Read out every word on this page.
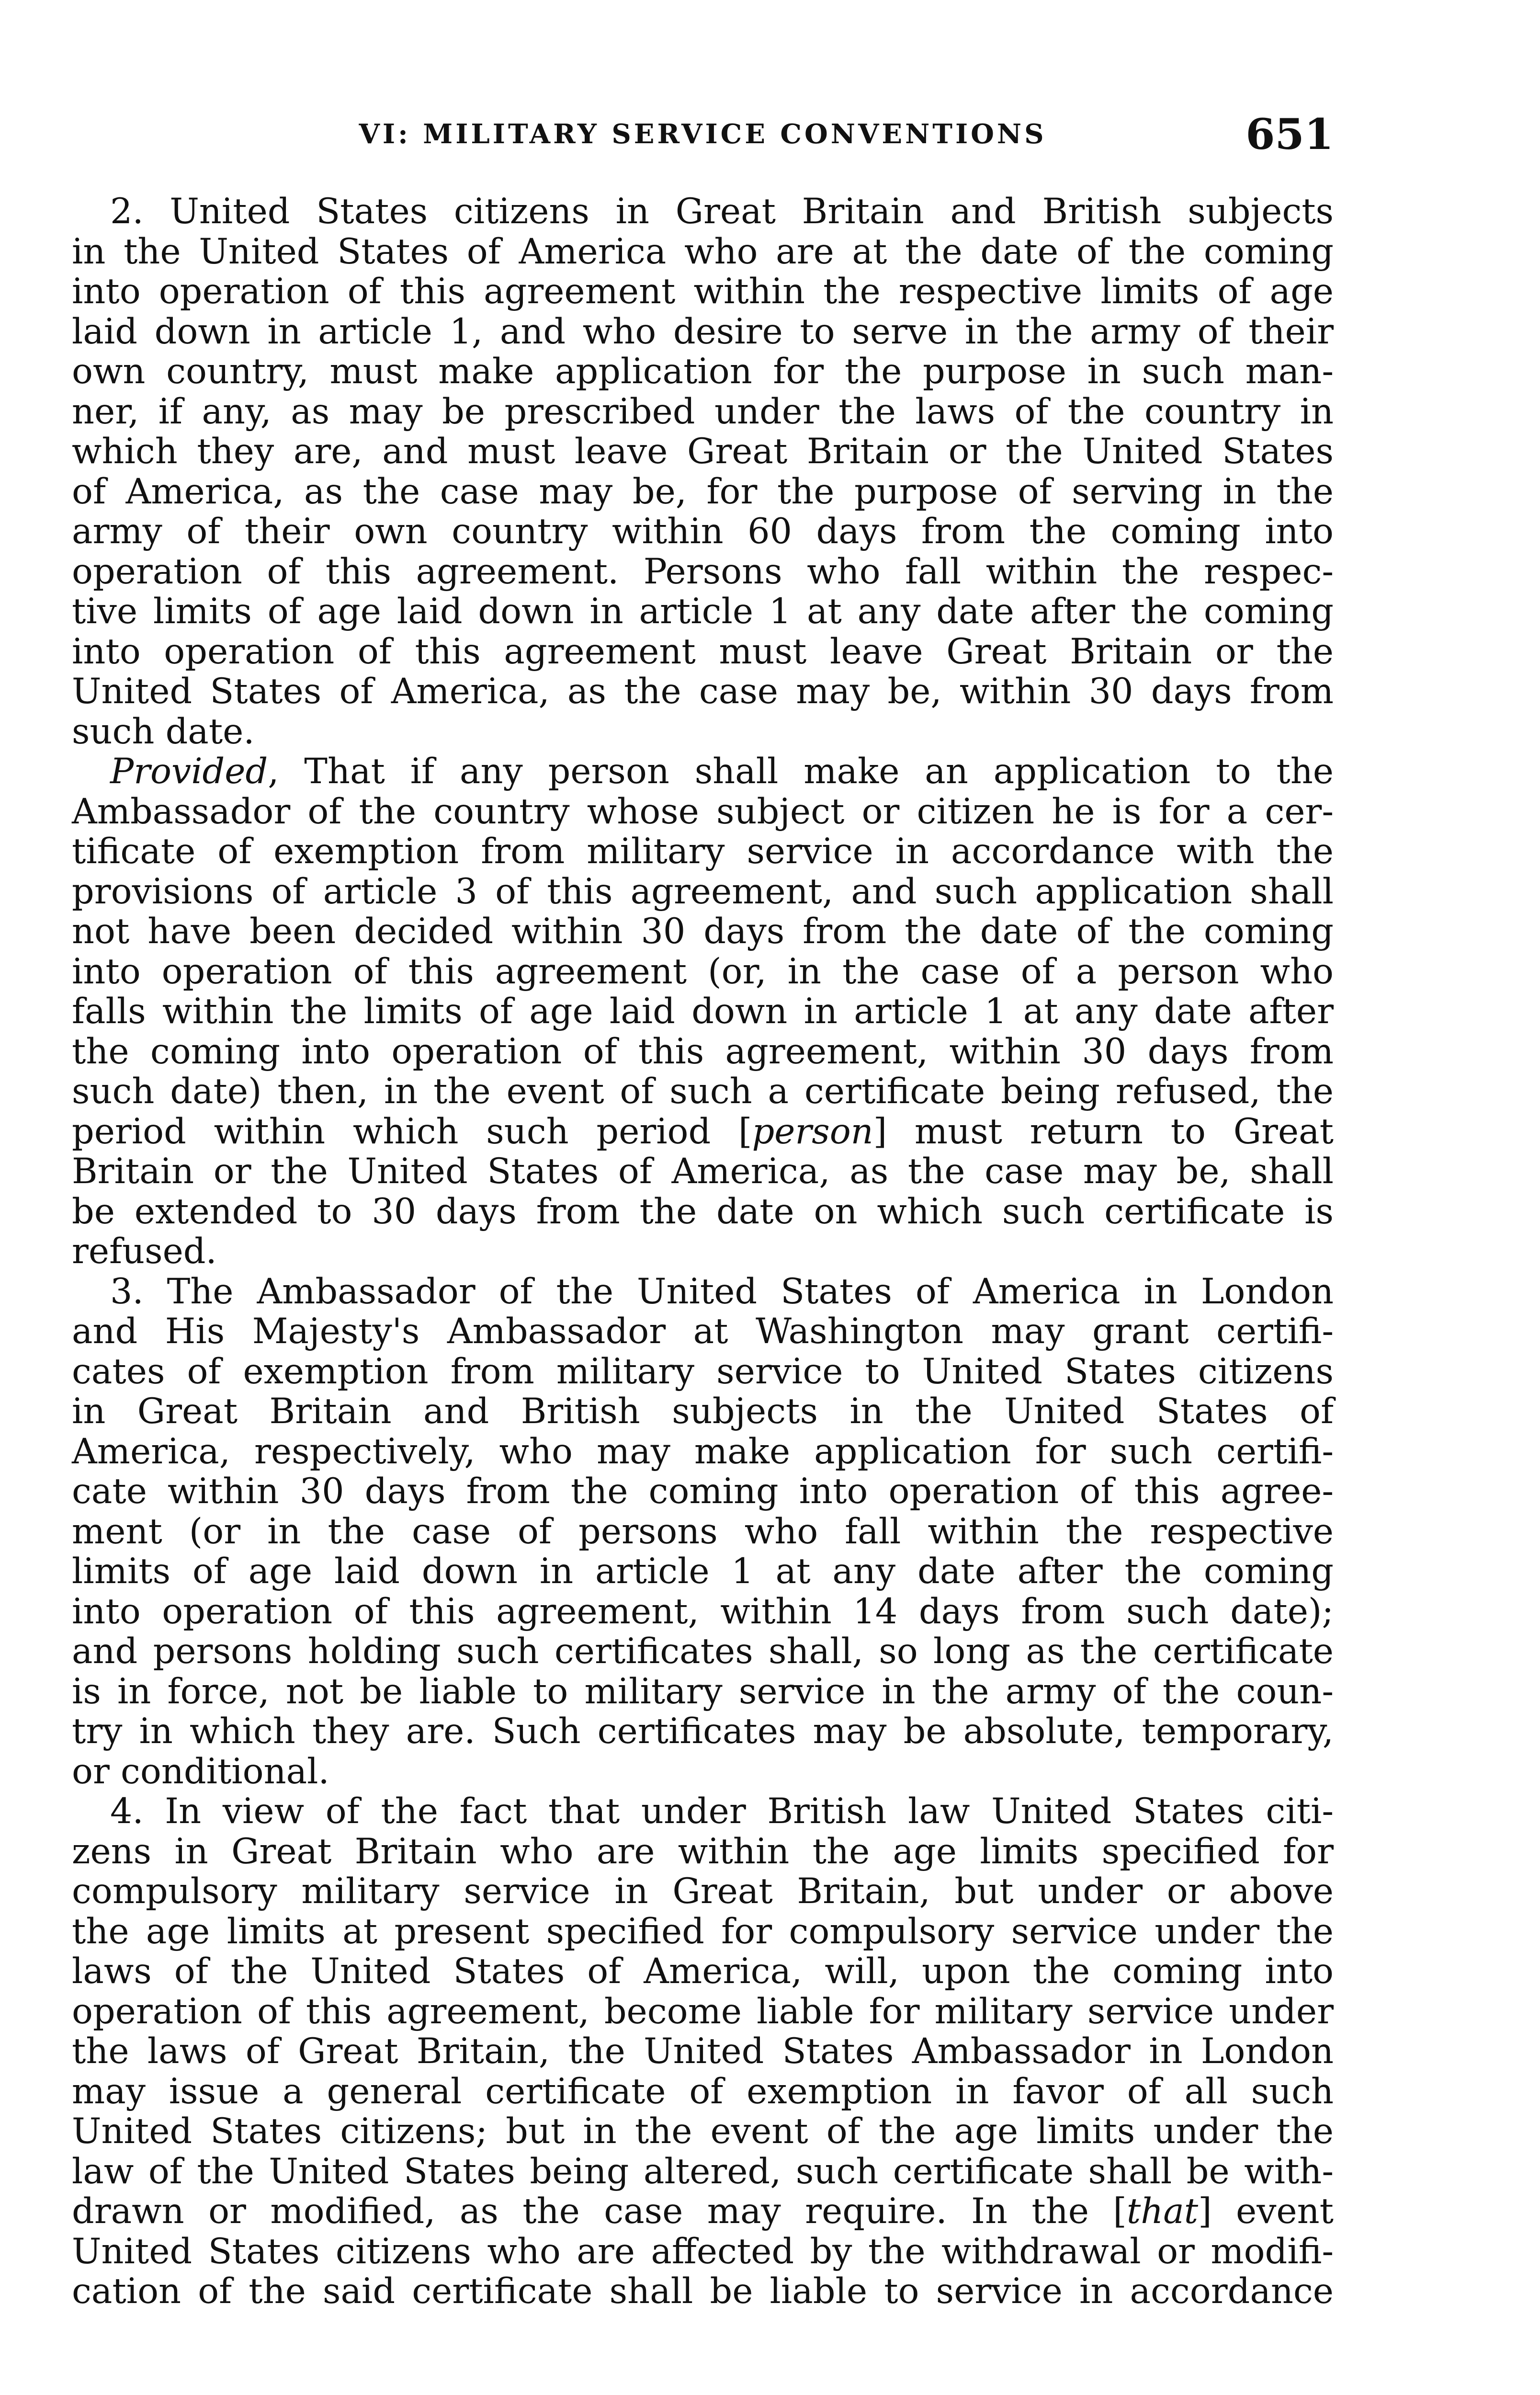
VI: MILITARY SERVICE CONVENTIONS	651
2. United States citizens in Great Britain and British subjects
in the United States of America who are at the date of the coming
into operation of this agreement within the respective limits of age
laid down in article 1, and who desire to serve in the army of their
own country, must make application for the purpose in such man-
ner, if any, as may be prescribed under the laws of the country in
which they are, and must leave Great Britain or the United States
of America, as the case may be, for the purpose of serving in the
army of their own country within 60 days from the coming into
operation of this agreement. Persons who fall within the respec-
tive limits of age laid down in article 1 at any date after the coming
into operation of this agreement must leave Great Britain or the
United States of America, as the case may be, within 30 days from
such date.
Provided, That if any person shall make an application to the
Ambassador of the country whose subject or citizen he is for a cer-
tificate of exemption from military service in accordance with the
provisions of article 3 of this agreement, and such application shall
not have been decided within 30 days from the date of the coming
into operation of this agreement (or, in the case of a person who
falls within the limits of age laid down in article 1 at any date after
the coming into operation of this agreement, within 30 days from
such date) then, in the event of such a certificate being refused, the
period within which such period [person] must return to Great
Britain or the United States of America, as the case may be, shall
be extended to 30 days from the date on which such certificate is
refused.
3. The Ambassador of the United States of America in London
and His Majesty's Ambassador at Washington may grant certifi-
cates of exemption from military service to United States citizens
in Great Britain and British subjects in the United States of
America, respectively, who may make application for such certifi-
cate within 30 days from the coming into operation of this agree-
ment (or in the case of persons who fall within the respective
limits of age laid down in article 1 at any date after the coming
into operation of this agreement, within 14 days from such date);
and persons holding such certificates shall, so long as the certificate
is in force, not be liable to military service in the army of the coun-
try in which they are. Such certificates may be absolute, temporary,
or conditional.
4. In view of the fact that under British law United States citi-
zens in Great Britain who are within the age limits specified for
compulsory military service in Great Britain, but under or above
the age limits at present specified for compulsory service under the
laws of the United States of America, will, upon the coming into
operation of this agreement, become liable for military service under
the laws of Great Britain, the United States Ambassador in London
may issue a general certificate of exemption in favor of all such
United States citizens; but in the event of the age limits under the
law of the United States being altered, such certificate shall be with-
drawn or modified, as the case may require. In the [that] event
United States citizens who are affected by the withdrawal or modifi-
cation of the said certificate shall be liable to service in accordance
